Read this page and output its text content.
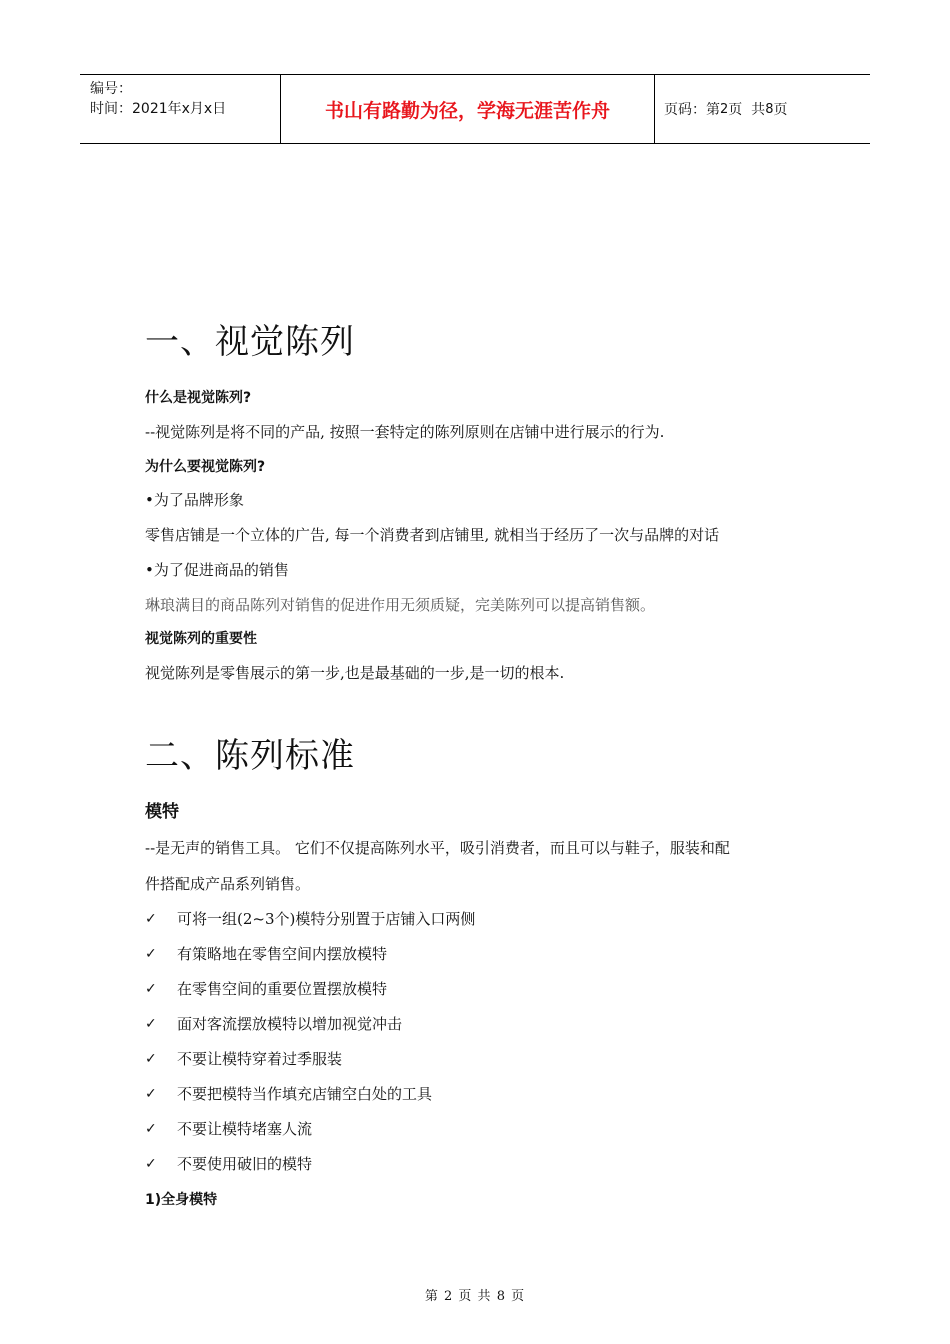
编号：
时间：2021年x月x日	书山有路勤为径，学海无涯苦作舟	页码：第 2 页  共 8 页
一、视觉陈列
什么是视觉陈列?
--视觉陈列是将不同的产品, 按照一套特定的陈列原则在店铺中进行展示的行为.
为什么要视觉陈列?
•为了品牌形象
零售店铺是一个立体的广告, 每一个消费者到店铺里, 就相当于经历了一次与品牌的对话
•为了促进商品的销售
琳琅满目的商品陈列对销售的促进作用无须质疑，完美陈列可以提高销售额。
视觉陈列的重要性
视觉陈列是零售展示的第一步,也是最基础的一步,是一切的根本.
二、陈列标准
模特
--是无声的销售工具。 它们不仅提高陈列水平，吸引消费者，而且可以与鞋子，服装和配
件搭配成产品系列销售。
✓	可将一组(2~3个)模特分别置于店铺入口两侧
✓	有策略地在零售空间内摆放模特
✓	在零售空间的重要位置摆放模特
✓	面对客流摆放模特以增加视觉冲击
✓	不要让模特穿着过季服装
✓	不要把模特当作填充店铺空白处的工具
✓	不要让模特堵塞人流
✓	不要使用破旧的模特
1)全身模特
第 2 页 共 8 页
